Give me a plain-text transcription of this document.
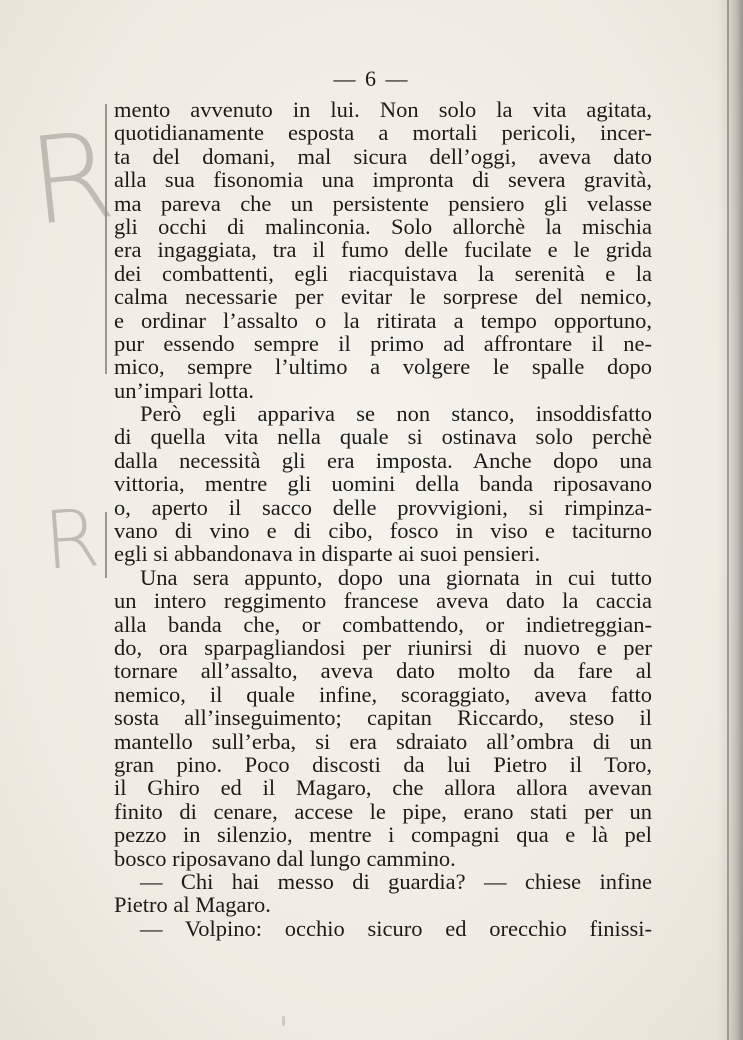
— 6 —
R
R
mento avvenuto in lui. Non solo la vita agitata,
quotidianamente esposta a mortali pericoli, incer-
ta del domani, mal sicura dell’oggi, aveva dato
alla sua fisonomia una impronta di severa gravità,
ma pareva che un persistente pensiero gli velasse
gli occhi di malinconia. Solo allorchè la mischia
era ingaggiata, tra il fumo delle fucilate e le grida
dei combattenti, egli riacquistava la serenità e la
calma necessarie per evitar le sorprese del nemico,
e ordinar l’assalto o la ritirata a tempo opportuno,
pur essendo sempre il primo ad affrontare il ne-
mico, sempre l’ultimo a volgere le spalle dopo
un’impari lotta.
Però egli appariva se non stanco, insoddisfatto
di quella vita nella quale si ostinava solo perchè
dalla necessità gli era imposta. Anche dopo una
vittoria, mentre gli uomini della banda riposavano
o, aperto il sacco delle provvigioni, si rimpinza-
vano di vino e di cibo, fosco in viso e taciturno
egli si abbandonava in disparte ai suoi pensieri.
Una sera appunto, dopo una giornata in cui tutto
un intero reggimento francese aveva dato la caccia
alla banda che, or combattendo, or indietreggian-
do, ora sparpagliandosi per riunirsi di nuovo e per
tornare all’assalto, aveva dato molto da fare al
nemico, il quale infine, scoraggiato, aveva fatto
sosta all’inseguimento; capitan Riccardo, steso il
mantello sull’erba, si era sdraiato all’ombra di un
gran pino. Poco discosti da lui Pietro il Toro,
il Ghiro ed il Magaro, che allora allora avevan
finito di cenare, accese le pipe, erano stati per un
pezzo in silenzio, mentre i compagni qua e là pel
bosco riposavano dal lungo cammino.
— Chi hai messo di guardia? — chiese infine
Pietro al Magaro.
— Volpino: occhio sicuro ed orecchio finissi-
